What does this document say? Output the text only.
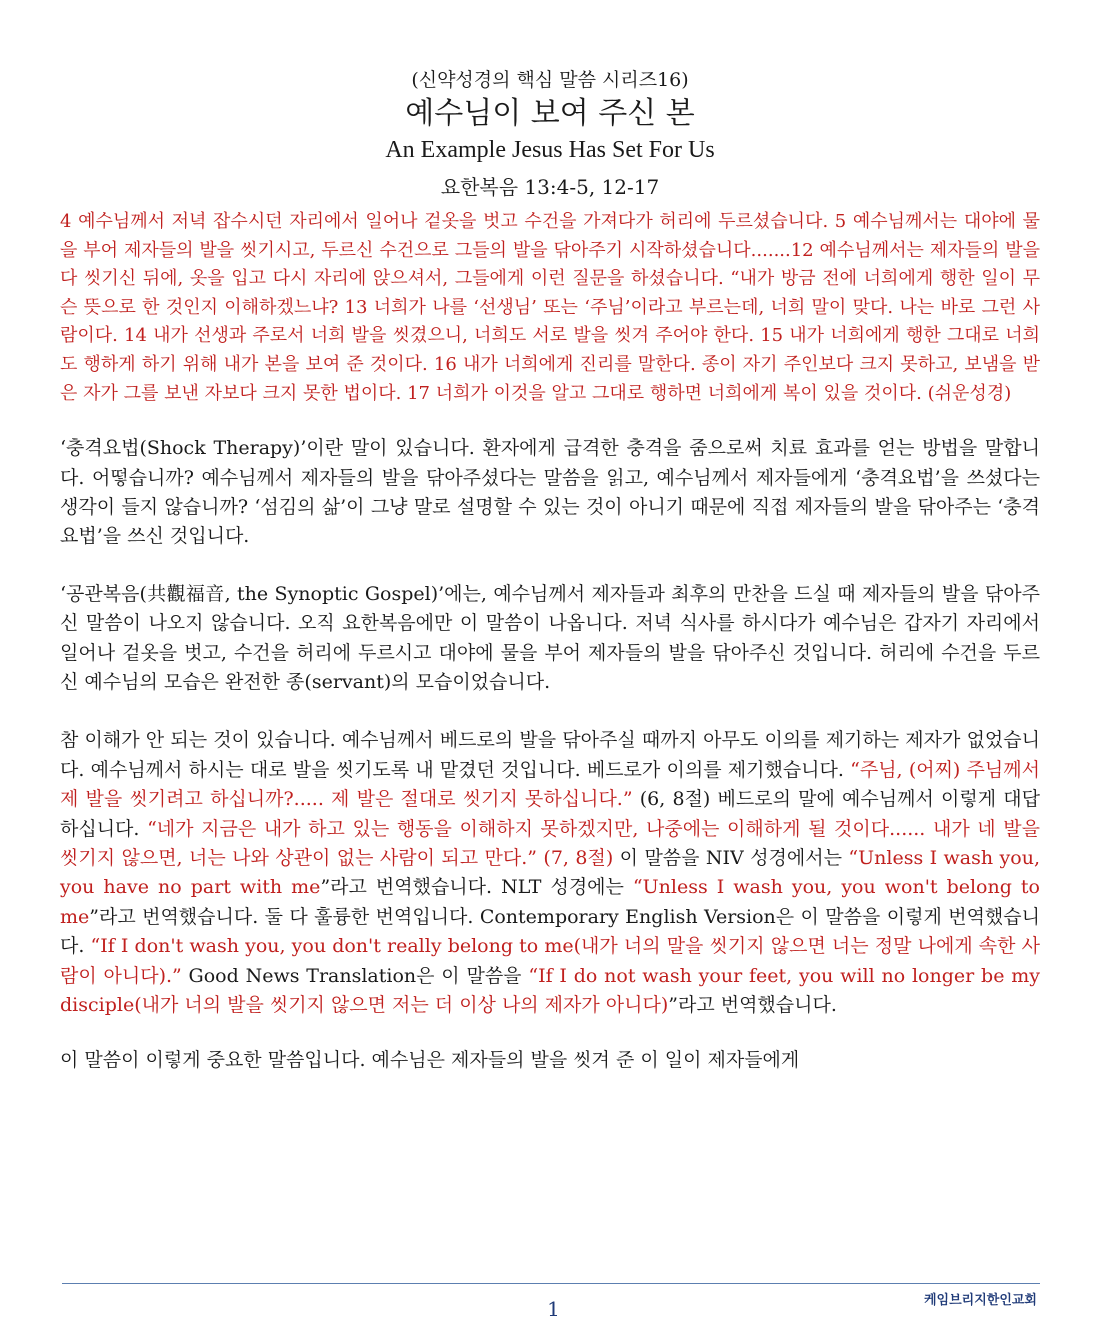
(신약성경의 핵심 말씀 시리즈16)
예수님이 보여 주신 본
An Example Jesus Has Set For Us
요한복음 13:4-5, 12-17

4 예수님께서 저녁 잡수시던 자리에서 일어나 겉옷을 벗고 수건을 가져다가 허리에 두르셨습니다. 5 예수님께서는 대야에 물을 부어 제자들의 발을 씻기시고, 두르신 수건으로 그들의 발을 닦아주기 시작하셨습니다.......12 예수님께서는 제자들의 발을 다 씻기신 뒤에, 옷을 입고 다시 자리에 앉으셔서, 그들에게 이런 질문을 하셨습니다. “내가 방금 전에 너희에게 행한 일이 무슨 뜻으로 한 것인지 이해하겠느냐? 13 너희가 나를 ‘선생님’ 또는 ‘주님’이라고 부르는데, 너희 말이 맞다. 나는 바로 그런 사람이다. 14 내가 선생과 주로서 너희 발을 씻겼으니, 너희도 서로 발을 씻겨 주어야 한다. 15 내가 너희에게 행한 그대로 너희도 행하게 하기 위해 내가 본을 보여 준 것이다. 16 내가 너희에게 진리를 말한다. 종이 자기 주인보다 크지 못하고, 보냄을 받은 자가 그를 보낸 자보다 크지 못한 법이다. 17 너희가 이것을 알고 그대로 행하면 너희에게 복이 있을 것이다. (쉬운성경)

‘충격요법(Shock Therapy)’이란 말이 있습니다. 환자에게 급격한 충격을 줌으로써 치료 효과를 얻는 방법을 말합니다. 어떻습니까? 예수님께서 제자들의 발을 닦아주셨다는 말씀을 읽고, 예수님께서 제자들에게 ‘충격요법’을 쓰셨다는 생각이 들지 않습니까? ‘섬김의 삶’이 그냥 말로 설명할 수 있는 것이 아니기 때문에 직접 제자들의 발을 닦아주는 ‘충격요법’을 쓰신 것입니다.

‘공관복음(共觀福音, the Synoptic Gospel)’에는, 예수님께서 제자들과 최후의 만찬을 드실 때 제자들의 발을 닦아주신 말씀이 나오지 않습니다. 오직 요한복음에만 이 말씀이 나옵니다. 저녁 식사를 하시다가 예수님은 갑자기 자리에서 일어나 겉옷을 벗고, 수건을 허리에 두르시고 대야에 물을 부어 제자들의 발을 닦아주신 것입니다. 허리에 수건을 두르신 예수님의 모습은 완전한 종(servant)의 모습이었습니다.

참 이해가 안 되는 것이 있습니다. 예수님께서 베드로의 발을 닦아주실 때까지 아무도 이의를 제기하는 제자가 없었습니다. 예수님께서 하시는 대로 발을 씻기도록 내 맡겼던 것입니다. 베드로가 이의를 제기했습니다. “주님, (어찌) 주님께서 제 발을 씻기려고 하십니까?..... 제 발은 절대로 씻기지 못하십니다.” (6, 8절) 베드로의 말에 예수님께서 이렇게 대답하십니다. “네가 지금은 내가 하고 있는 행동을 이해하지 못하겠지만, 나중에는 이해하게 될 것이다...... 내가 네 발을 씻기지 않으면, 너는 나와 상관이 없는 사람이 되고 만다.” (7, 8절) 이 말씀을 NIV 성경에서는 “Unless I wash you, you have no part with me”라고 번역했습니다. NLT 성경에는 “Unless I wash you, you won't belong to me”라고 번역했습니다. 둘 다 훌륭한 번역입니다. Contemporary English Version은 이 말씀을 이렇게 번역했습니다. “If I don't wash you, you don't really belong to me(내가 너의 말을 씻기지 않으면 너는 정말 나에게 속한 사람이 아니다).” Good News Translation은 이 말씀을 “If I do not wash your feet, you will no longer be my disciple(내가 너의 발을 씻기지 않으면 저는 더 이상 나의 제자가 아니다)”라고 번역했습니다.

이 말씀이 이렇게 중요한 말씀입니다. 예수님은 제자들의 발을 씻겨 준 이 일이 제자들에게

1	케임브리지한인교회
